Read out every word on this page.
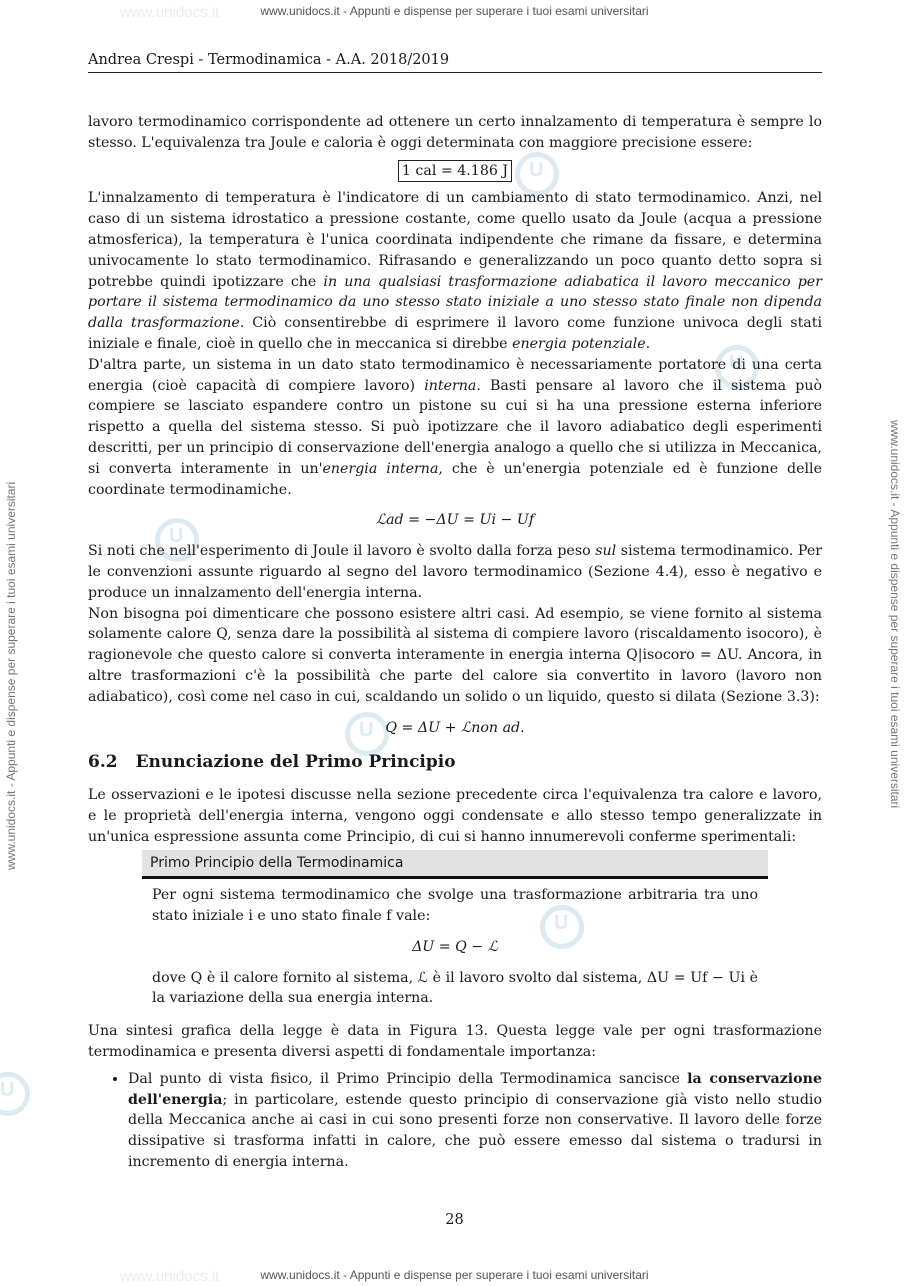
www.unidocs.it - Appunti e dispense per superare i tuoi esami universitari
www.unidocs.it - Appunti e dispense per superare i tuoi esami universitari
www.unidocs.it - Appunti e dispense per superare i tuoi esami universitari	www.unidocs.it - Appunti e dispense per superare i tuoi esami universitari
www.unidocs.it
www.unidocs.it
U
U
U
U
U
U
Andrea Crespi - Termodinamica - A.A. 2018/2019

lavoro termodinamico corrispondente ad ottenere un certo innalzamento di temperatura è sempre lo stesso. L'equivalenza tra Joule e caloria è oggi determinata con maggiore precisione essere:

1 cal = 4.186 J

L'innalzamento di temperatura è l'indicatore di un cambiamento di stato termodinamico. Anzi, nel caso di un sistema idrostatico a pressione costante, come quello usato da Joule (acqua a pressione atmosferica), la temperatura è l'unica coordinata indipendente che rimane da fissare, e determina univocamente lo stato termodinamico. Rifrasando e generalizzando un poco quanto detto sopra si potrebbe quindi ipotizzare che in una qualsiasi trasformazione adiabatica il lavoro meccanico per portare il sistema termodinamico da uno stesso stato iniziale a uno stesso stato finale non dipenda dalla trasformazione. Ciò consentirebbe di esprimere il lavoro come funzione univoca degli stati iniziale e finale, cioè in quello che in meccanica si direbbe energia potenziale.

D'altra parte, un sistema in un dato stato termodinamico è necessariamente portatore di una certa energia (cioè capacità di compiere lavoro) interna. Basti pensare al lavoro che il sistema può compiere se lasciato espandere contro un pistone su cui si ha una pressione esterna inferiore rispetto a quella del sistema stesso. Si può ipotizzare che il lavoro adiabatico degli esperimenti descritti, per un principio di conservazione dell'energia analogo a quello che si utilizza in Meccanica, si converta interamente in un'energia interna, che è un'energia potenziale ed è funzione delle coordinate termodinamiche.

ℒad = −ΔU = Ui − Uf

Si noti che nell'esperimento di Joule il lavoro è svolto dalla forza peso sul sistema termodinamico. Per le convenzioni assunte riguardo al segno del lavoro termodinamico (Sezione 4.4), esso è negativo e produce un innalzamento dell'energia interna.

Non bisogna poi dimenticare che possono esistere altri casi. Ad esempio, se viene fornito al sistema solamente calore Q, senza dare la possibilità al sistema di compiere lavoro (riscaldamento isocoro), è ragionevole che questo calore si converta interamente in energia interna Q|isocoro = ΔU. Ancora, in altre trasformazioni c'è la possibilità che parte del calore sia convertito in lavoro (lavoro non adiabatico), così come nel caso in cui, scaldando un solido o un liquido, questo si dilata (Sezione 3.3):

Q = ΔU + ℒnon ad.
6.2 Enunciazione del Primo Principio

Le osservazioni e le ipotesi discusse nella sezione precedente circa l'equivalenza tra calore e lavoro, e le proprietà dell'energia interna, vengono oggi condensate e allo stesso tempo generalizzate in un'unica espressione assunta come Principio, di cui si hanno innumerevoli conferme sperimentali:

Primo Principio della Termodinamica

Per ogni sistema termodinamico che svolge una trasformazione arbitraria tra uno stato iniziale i e uno stato finale f vale:

ΔU = Q − ℒ

dove Q è il calore fornito al sistema, ℒ è il lavoro svolto dal sistema, ΔU = Uf − Ui è la variazione della sua energia interna.

Una sintesi grafica della legge è data in Figura 13. Questa legge vale per ogni trasformazione termodinamica e presenta diversi aspetti di fondamentale importanza:

• Dal punto di vista fisico, il Primo Principio della Termodinamica sancisce la conservazione dell'energia; in particolare, estende questo principio di conservazione già visto nello studio della Meccanica anche ai casi in cui sono presenti forze non conservative. Il lavoro delle forze dissipative si trasforma infatti in calore, che può essere emesso dal sistema o tradursi in incremento di energia interna.
28
